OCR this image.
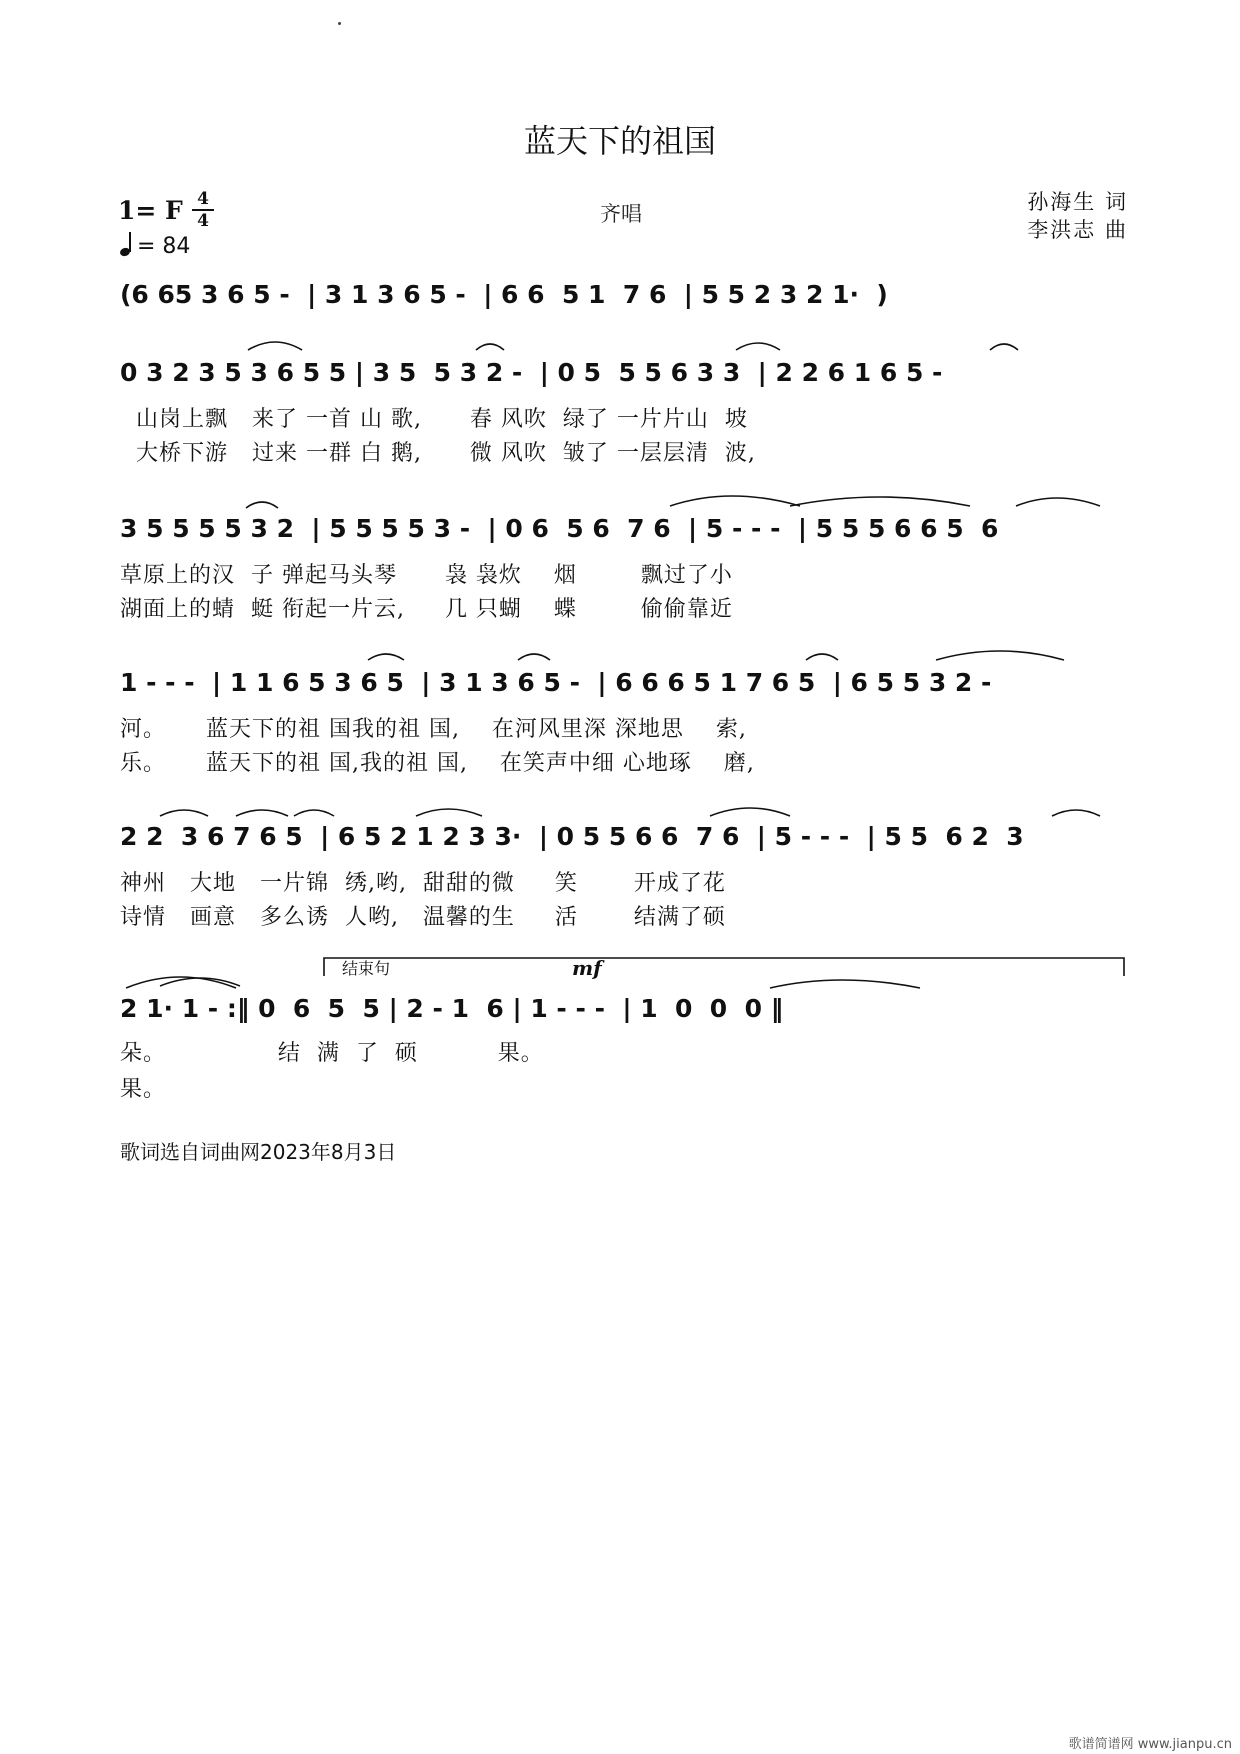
蓝天下的祖国
1= F 4
4
= 84
齐唱	孙海生 词
李洪志 曲
(6 65 3 6 5 -  | 3 1 3 6 5 -  | 6 6  5 1  7 6  | 5 5 2 3 2 1·  )
0 3 2 3 5 3 6 5 5 | 3 5  5 3 2 -  | 0 5  5 5 6 3 3  | 2 2 6 1 6 5 -
山岗上飘   来了 一首 山 歌,      春 风吹  绿了 一片片山  坡
大桥下游   过来 一群 白 鹅,      微 风吹  皱了 一层层清  波,
3 5 5 5 5 3 2  | 5 5 5 5 3 -  | 0 6  5 6  7 6  | 5 - - -  | 5 5 5 6 6 5  6
草原上的汉  子 弹起马头琴      袅 袅炊    烟        飘过了小
湖面上的蜻  蜓 衔起一片云,     几 只蝴    蝶        偷偷靠近
1 - - -  | 1 1 6 5 3 6 5  | 3 1 3 6 5 -  | 6 6 6 5 1 7 6 5  | 6 5 5 3 2 -
河。     蓝天下的祖 国我的祖 国,    在河风里深 深地思    索,
乐。     蓝天下的祖 国,我的祖 国,    在笑声中细 心地琢    磨,
2 2  3 6 7 6 5  | 6 5 2 1 2 3 3·  | 0 5 5 6 6  7 6  | 5 - - -  | 5 5  6 2  3
神州   大地   一片锦  绣,哟,  甜甜的微     笑       开成了花
诗情   画意   多么诱  人哟,   温馨的生     活       结满了硕
结束句	mf
2 1· 1 - :‖ 0  6  5  5 | 2 - 1  6 | 1 - - -  | 1  0  0  0 ‖
朵。              结  满  了  硕          果。
果。
歌词选自词曲网2023年8月3日
歌谱简谱网 www.jianpu.cn
